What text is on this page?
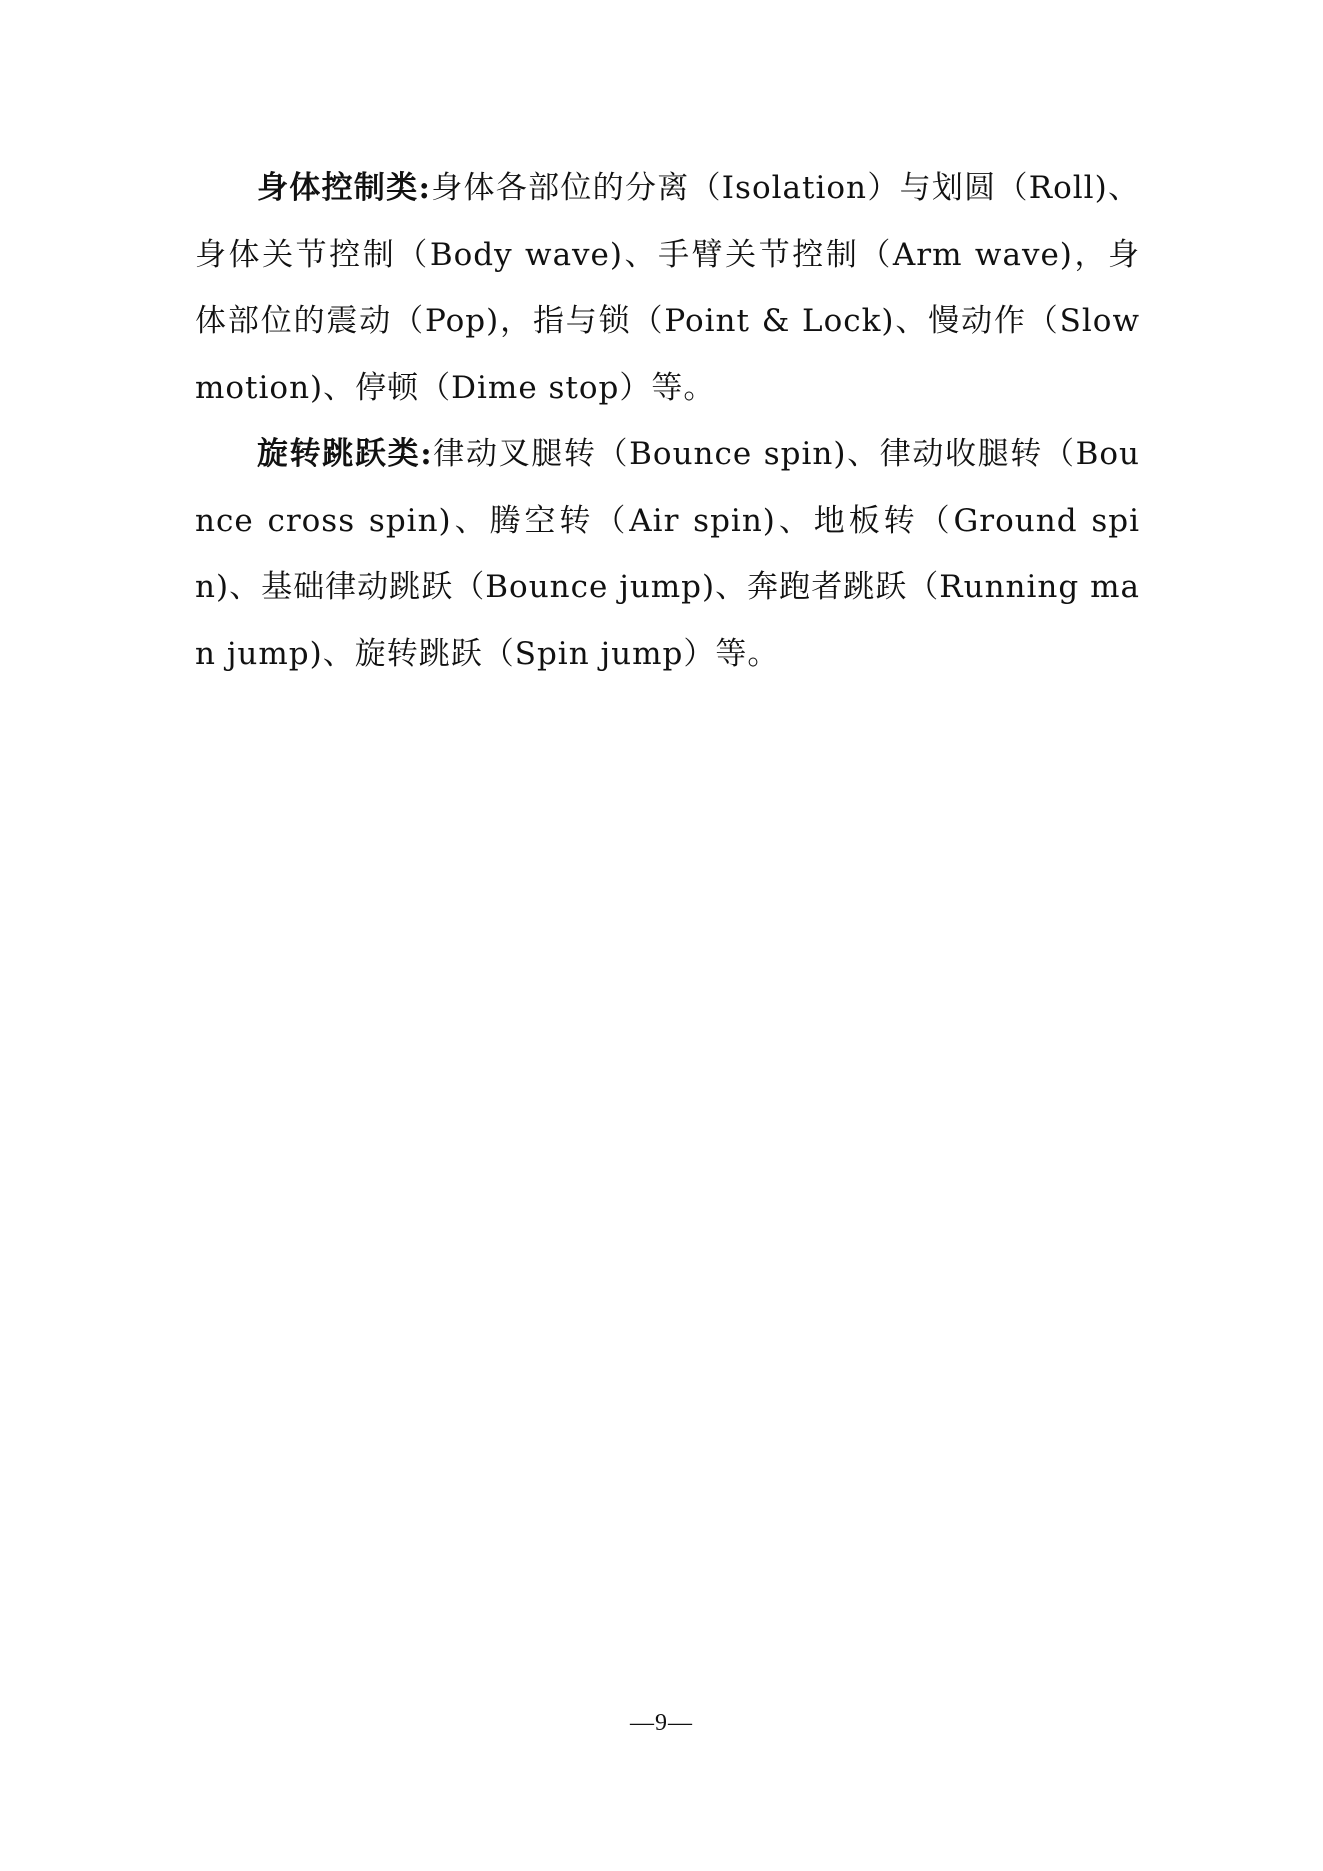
身体控制类:身体各部位的分离（Isolation）与划圆（Roll)、身体关节控制（Body wave)、手臂关节控制（Arm wave)，身体部位的震动（Pop)，指与锁（Point & Lock)、慢动作（Slow motion)、停顿（Dime stop）等。

旋转跳跃类:律动叉腿转（Bounce spin)、律动收腿转（Bounce cross spin)、腾空转（Air spin)、地板转（Ground spin)、基础律动跳跃（Bounce jump)、奔跑者跳跃（Running man jump)、旋转跳跃（Spin jump）等。

—9—
